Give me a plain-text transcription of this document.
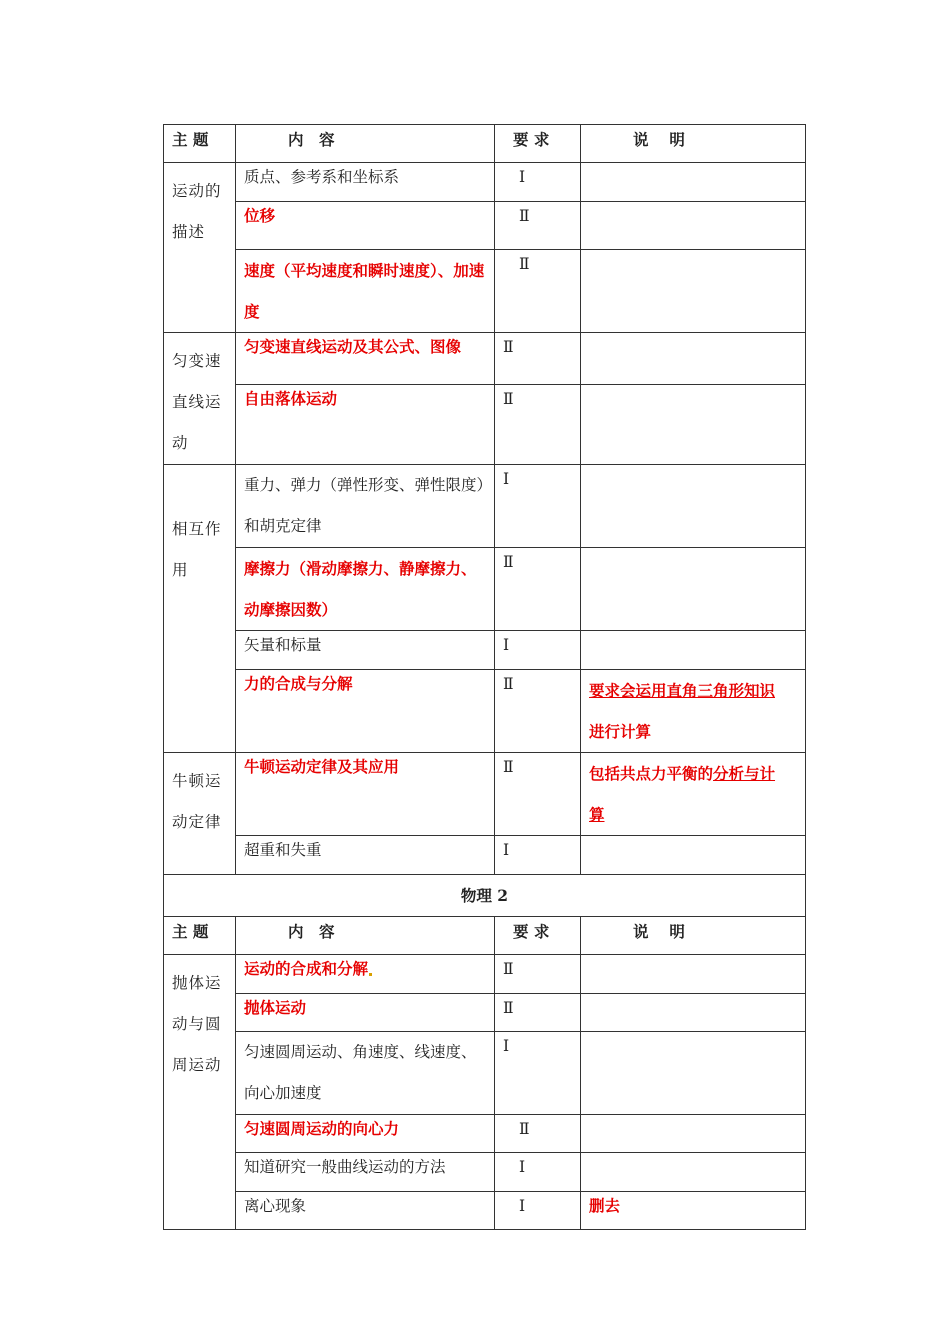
主 题	内　容	要 求	说　 明
运动的描述	质点、参考系和坐标系	Ⅰ	
	位移	Ⅱ	
	速度（平均速度和瞬时速度）、加速度	Ⅱ	
匀变速直线运动	匀变速直线运动及其公式、图像	Ⅱ	
	自由落体运动	Ⅱ	
相互作用	重力、弹力（弹性形变、弹性限度）和胡克定律	Ⅰ	
	摩擦力（滑动摩擦力、静摩擦力、动摩擦因数）	Ⅱ	
	矢量和标量	Ⅰ	
	力的合成与分解	Ⅱ	要求会运用直角三角形知识
进行计算
牛顿运动定律	牛顿运动定律及其应用	Ⅱ	包括共点力平衡的分析与计
算
	超重和失重	Ⅰ	
物理 2			
主 题	内　容	要 求	说　 明
抛体运动与圆周运动	运动的合成和分解	Ⅱ	
	抛体运动	Ⅱ	
	匀速圆周运动、角速度、线速度、向心加速度	Ⅰ	
	匀速圆周运动的向心力	Ⅱ	
	知道研究一般曲线运动的方法	Ⅰ	
	离心现象	Ⅰ	删去
